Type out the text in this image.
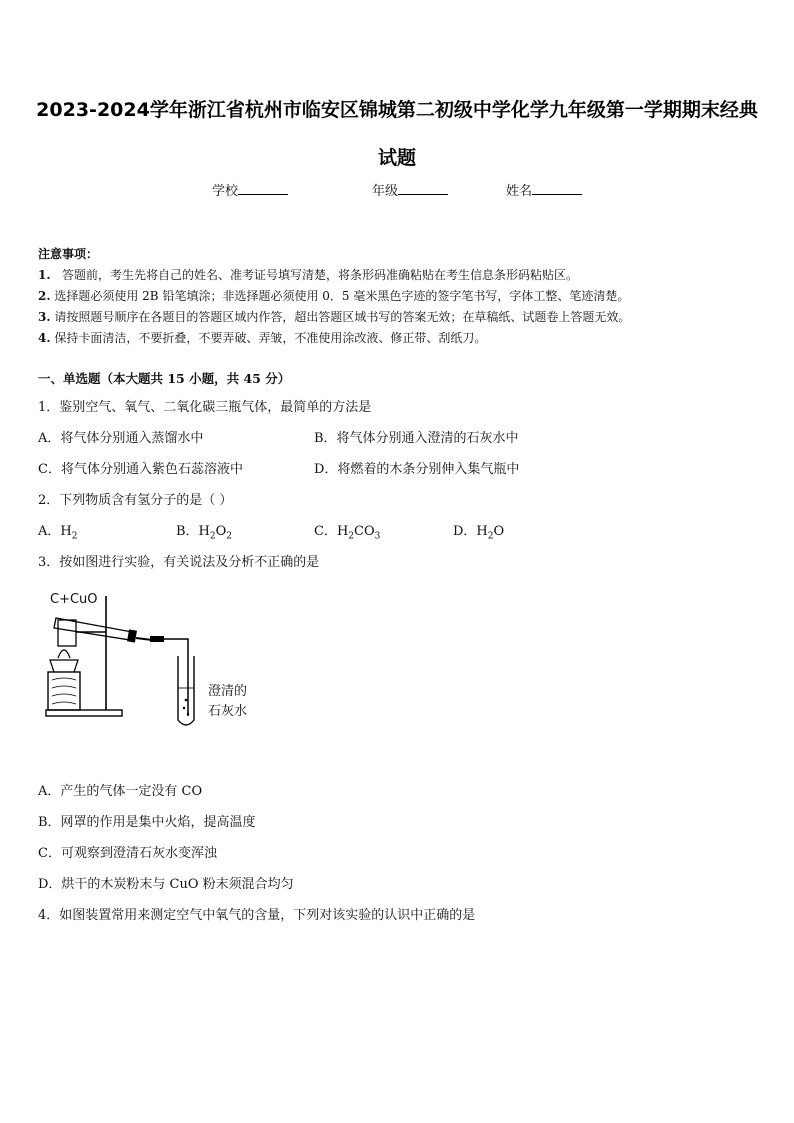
2023-2024学年浙江省杭州市临安区锦城第二初级中学化学九年级第一学期期末经典
试题
学校	年级	姓名
注意事项：
1. 答题前，考生先将自己的姓名、准考证号填写清楚，将条形码准确粘贴在考生信息条形码粘贴区。
2. 选择题必须使用 2B 铅笔填涂；非选择题必须使用 0．5 毫米黑色字迹的签字笔书写，字体工整、笔迹清楚。
3. 请按照题号顺序在各题目的答题区域内作答，超出答题区域书写的答案无效；在草稿纸、试题卷上答题无效。
4. 保持卡面清洁，不要折叠，不要弄破、弄皱，不准使用涂改液、修正带、刮纸刀。
一、单选题（本大题共 15 小题，共 45 分）
1．鉴别空气、氧气、二氧化碳三瓶气体，最简单的方法是
A．将气体分别通入蒸馏水中	B．将气体分别通入澄清的石灰水中
C．将气体分别通入紫色石蕊溶液中	D．将燃着的木条分别伸入集气瓶中
2．下列物质含有氢分子的是（ ）
A．$H_2$	B．$H_2O_2$	C．$H_2CO_3$	D．$H_2O$
3．按如图进行实验，有关说法及分析不正确的是
C+CuO
澄清的
石灰水
A．产生的气体一定没有 CO
B．网罩的作用是集中火焰，提高温度
C．可观察到澄清石灰水变浑浊
D．烘干的木炭粉末与 CuO 粉末须混合均匀
4．如图装置常用来测定空气中氧气的含量，下列对该实验的认识中正确的是
